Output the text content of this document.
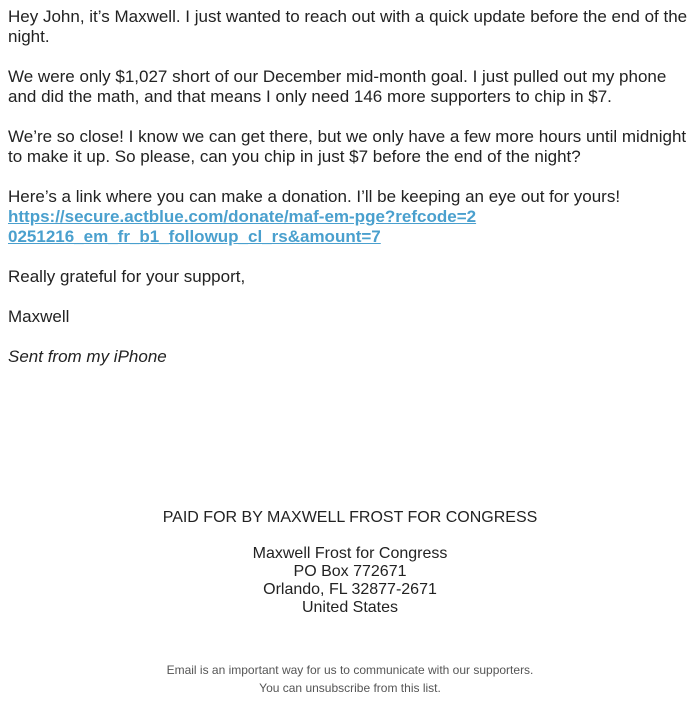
Hey John, it’s Maxwell. I just wanted to reach out with a quick update before the end of the night.

We were only $1,027 short of our December mid-month goal. I just pulled out my phone and did the math, and that means I only need 146 more supporters to chip in $7.

We’re so close! I know we can get there, but we only have a few more hours until midnight to make it up. So please, can you chip in just $7 before the end of the night?

Here’s a link where you can make a donation. I’ll be keeping an eye out for yours!
https://secure.actblue.com/donate/maf-em-pge?refcode=20251216_em_fr_b1_followup_cl_rs&amount=7

Really grateful for your support,

Maxwell

Sent from my iPhone

PAID FOR BY MAXWELL FROST FOR CONGRESS
Maxwell Frost for Congress
PO Box 772671
Orlando, FL 32877-2671
United States
Email is an important way for us to communicate with our supporters.
You can unsubscribe from this list.
